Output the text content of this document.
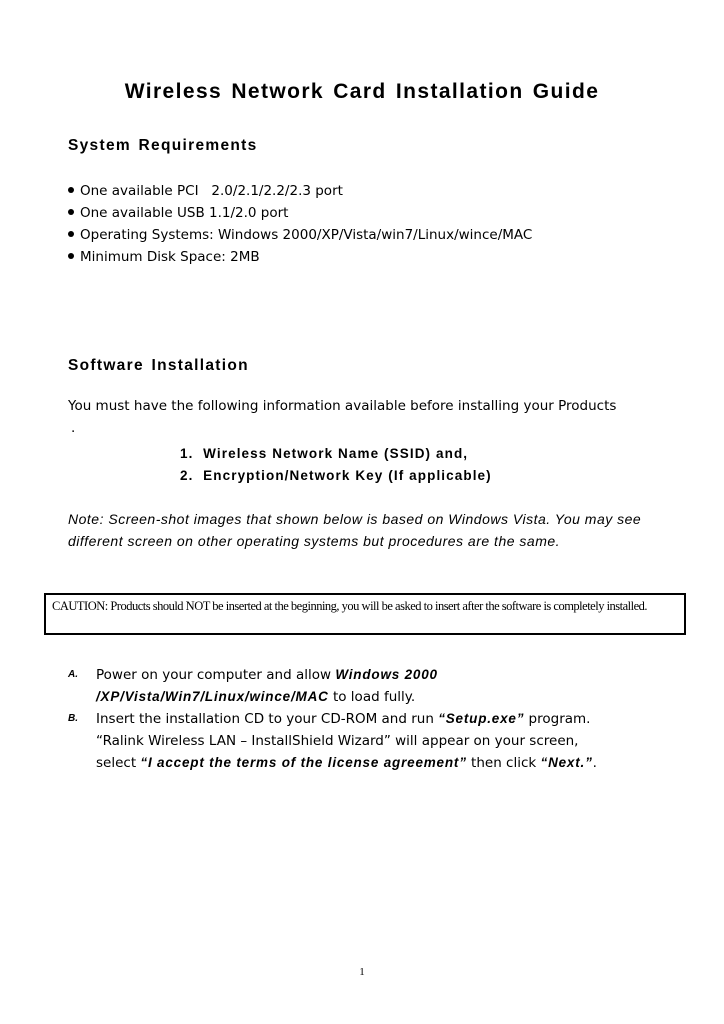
Wireless Network Card Installation Guide
System Requirements
One available PCI   2.0/2.1/2.2/2.3 port
One available USB 1.1/2.0 port
Operating Systems: Windows 2000/XP/Vista/win7/Linux/wince/MAC
Minimum Disk Space: 2MB
Software Installation
You must have the following information available before installing your Products
.
1.  Wireless Network Name (SSID) and,
2.  Encryption/Network Key (If applicable)
Note: Screen-shot images that shown below is based on Windows Vista. You may see different screen on other operating systems but procedures are the same.
CAUTION: Products should NOT be inserted at the beginning, you will be asked to insert after the software is completely installed.
A. Power on your computer and allow Windows 2000
/XP/Vista/Win7/Linux/wince/MAC to load fully.
B. Insert the installation CD to your CD-ROM and run “Setup.exe” program.
“Ralink Wireless LAN – InstallShield Wizard” will appear on your screen,
select “I accept the terms of the license agreement” then click “Next.”.
1
